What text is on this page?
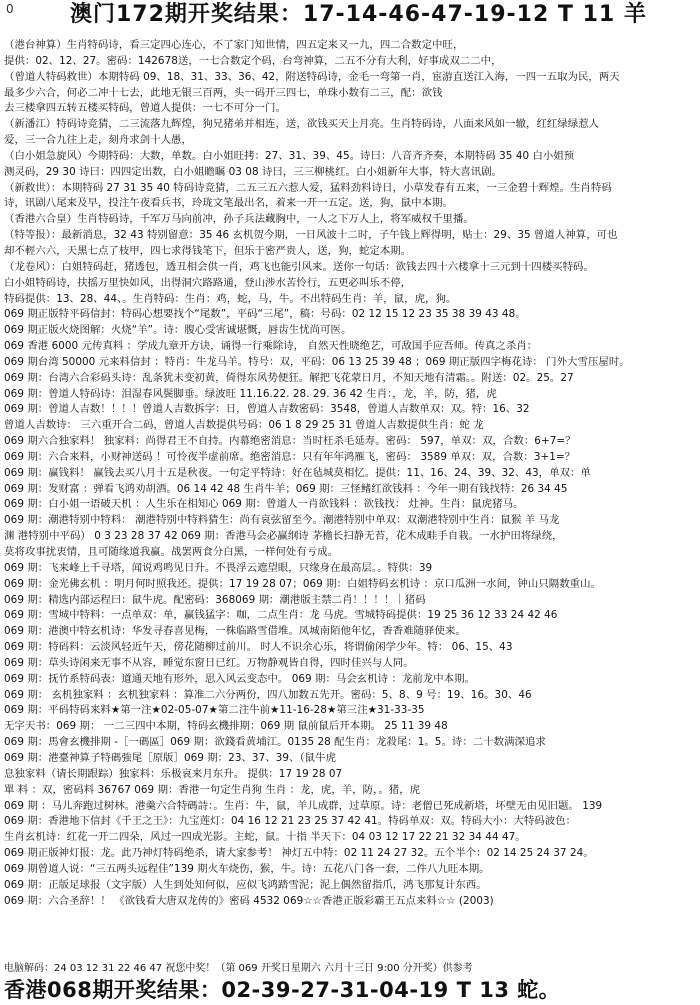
0	澳门172期开奖结果：17-14-46-47-19-12 T 11 羊
（港台神算）生肖特码诗，看三定四心连心，不了家门知世情，四五定来又一九，四二合数定中旺，
提供：02、12、27。密码：142678送，一七合数定个码，台弯神算，二五不分有大利，好事成双二二中，
（曾道人特码救世）本期特码 09、18、31、33、36、42，附送特码诗，金毛一弯第一肖，宦游直送江入海，一四一五取为民，两天
最多少六合，何必二冲十七去，此地无银三百两，头一码开三四七，单珠小数有二三，配：欲钱
去三楼拿四五转五楼买特码，曾道人提供：一七不可分一门。
（新潘江）特码诗竞猜，二三流落九辉煌，狗兄猪弟并相连，送，欲钱买天上月亮。生肖特码诗，八面来风如一辙，红红绿绿惹人
爱，三一合九往上走，刻舟求剑十人愚，
（白小姐急旋风）今期特码：大数，单数。白小姐旺拷：27、31、39、45。诗曰：八音齐齐奏，本期特码 35 40 白小姐预
测灵码，29 30 诗曰：四四定出数，白小姐瞻瞩 03 08 诗曰，三三柳桃红。白小姐新年大事，特大喜讯剧。
（新救世）：本期特码 27 31 35 40 特码诗竞猜，二五三五六惹人爱，猛料劲料诗日，小草发春有五来，一三金碧十辉煌。生肖特码
诗，讯剧八尾来及早，投注午夜看兵书，玲珑文笔最出名，着来一开一五定。送，狗，鼠中本期。
（香港六合皇）生肖特码诗，千军万马向前冲，孙子兵法藏胸中，一人之下万人上，将军威权千里播。
（特等报）：最新消息，32 43 特别留意：35 46 玄机贺今期，一日风波十二时，子午钱上辉得明，贴士：29、35 曾道人神算，可也
却不輕六六，天黑七点了枝甲，四七求得钱笔下，但乐于密严贵人，送，狗，蛇定本期。
（龙卷风）：白姐特码赶，猪透包，透丑相会供一肖，鸡飞也能引风来。送你一句话：欲钱去四十六楼拿十三元到十四楼买特码。
白小姐特码诗，扶摇万里快如风，出得洞穴路路通，登山涉水苦怜行，五更必叫乐不停，
特码提供：13、28、44、。生肖特码：生肖：鸡，蛇，马，牛。不出特码生肖：羊，鼠，虎，狗。
069 期正版特平码信封：特码心想要找个“尾数”，平码“三尾”，稿：号码：02 12 15 12 23 35 38 39 43 48。
069 期正版火烧图解：火烧“羊”。诗：腹心受害诚堪慨，唇齿生忧尚可医。
069 香港 6000 元传真料 ：学成九章开方诀，诵得一行乘除诗， 自然天性晓绝艺，可敌国手应吾师。传真之杀肖：
069 期台湾 50000 元来料信封 ：特肖：牛龙马羊。特号：双，平码：06 13 25 39 48 ；069 期正版四字梅花诗： 门外大雪压屋时。
069 期：台湾六合彩码头诗：乱条犹未变初黄，倚得东风势便狂。解把飞花蒙日月，不知天地有清霜。。附送：02。25。27
069 期：曾道人特码诗：泪湿春风鬓脚垂。绿波旺 11.16.22. 28. 29. 36 42 生肖：，龙，羊，防，猪，虎
069 期：曾道人吉数！！！！曾道人吉数拆字：日，曾道人吉数密码：3548，曾道人吉数单双：双。特：16、32
曾道人吉数诗： 三六重开合二码，曾道人吉数提供号码：06 1 8 29 25 31 曾道人吉数提供生肖：蛇 龙
069 期六合独家料！ 独家料：尚得君王不自持。内幕绝密消息：当时枉杀毛延寿。密码： 597，单双：双，合数：6+7=？
069 期：六合来料，小财神送码 ！可怜夜半虚前席。绝密消息：只有年年鸿雁飞，密码： 3589 单双：双，合数：3+1=？
069 期：赢钱料！ 赢钱去买八月十五是秋夜。一句定平特诗：好在毡城莫相忆。提供：11、16、24、39、32、43，单双：单
069 期：发财富 ：弹看飞鸿劝胡酒。06 14 42 48 生肖牛羊；069 期：三怪鳍红欲钱料 ：今年一期有钱找特：26 34 45
069 期：白小姐一语破天机 ：人生乐在相知心 069 期：曾道人一肖欲钱料 ：欲钱找： 灶神。生肖：鼠虎猪马。
069 期：潮港特别中特料： 潮港特别中特料猜生：尚有哀弦留至今。潮港特别中单双：双潮港特别中生肖：鼠猴 羊 马龙
渊 港特别中平码） 0 3 23 28 37 42 069 期：香港马会必赢纲诗 茅檐长扫静无苔，花木成畦手自栽。一水护田将绿绕，
莫将攻事扰衷情，且可随缘道我赢。战罢两食分白黑，一样何处有亏成。
069 期：飞来峰上千寻塔，闻说鸡鸣见日升。不畏浮云遮望眼，只缘身在最高层。。特供：39
069 期：金光佛玄机 ：明月何时照我还。提供：17 19 28 07；069 期：白姐特码玄机诗 ：京口瓜洲一水间，钟山只隔数重山。
069 期：精选内部运程曰：鼠牛虎。配密码：368069 期：潮港版主禁二肖！！！！｜猪码
069 期：雪城中特料：一点单双：单，赢钱猛字：咖，二点生肖：龙 马虎。雪城特码提供：19 25 36 12 33 24 42 46
069 期：港澳中特玄机诗：华发寻春喜见梅，一株临路雪借堆。凤城南陌他年忆，香香难随驿使来。
069 期：特码料：云淡风轻近午天，傍花随柳过前川。 时人不识余心乐，将谓偷闲学少年。特： 06、15、43
069 期：草头诗闲来无事不从容，睡觉东窗日已红。万物静观皆自得，四时佳兴与人同。
069 期：抚竹系特码表：道通天地有形外，思入风云变态中。 069 期：马会玄机诗 ：龙前龙中本期。
069 期： 玄机独家料 ：玄机独家料 ：算准二六分两份，四八加数五先开。密码：5、8、9 号：19、16。30、46
069 期：平码特码来料★第一注★02-05-07★第二注牛前★11-16-28★第三注★31-33-35
无字天书：069 期： 一二三四中本期，特码玄機排期：069 期 鼠前鼠后开本期。 25 11 39 48
069 期：馬會玄機排期 -［一碼區］069 期：欲錢看黄埔江。0135 28 配生肖：龙殺尾：1。5。诗：二十数满深追求
069 期：港臺神算子特碼強尾［原版］069 期：23、37、39、（鼠牛虎
息独家料（请长期跟踪）独家料：乐极哀来月东升。 提供：17 19 28 07
單 料 ：双，密码料 36767 069 期：香港一句定生肖狗 生肖 ：龙，虎，羊，防，。猪，虎
069 期 ：马儿奔跑过树林。港羹六合特碼詩：。生肖：牛，鼠，羊儿成群，过草原。诗：老僧已死成新塔，坏壁无由见旧题。 139
069 期：香港地下信封《千王之王》：九宝莲灯：04 16 12 21 23 25 37 42 41。特码单双：双。特码大小：大特码波色：
生肖玄机诗：红花一开二四朵，风过一四成光影。主蛇，鼠。十指 半天下：04 03 12 17 22 21 32 34 44 47。
069 期正版神灯报：龙。此乃神灯特码绝杀，请大家参考！ 神灯五中特：02 11 24 27 32。五个半个：02 14 25 24 37 24。
069 期曾道人说：“三五两头远程佳”139 期火车烧伤，猴，牛。诗：五花八门各一套，二件八九旺本期。
069 期：正版足球报（文字版）人生到处知何似，应似飞鸿踏雪泥；泥上偶然留指爪，鸿飞那复计东西。
069 期：六合圣辞！！ 《欲钱看大唐双龙传的》密码 4532 069☆☆香港正版彩霸王五点来料☆☆ (2003)
电脑解码：24 03 12 31 22 46 47 祝您中奖！（第 069 开奖日星期六 六月十三日 9:00 分开奖）供参考
香港068期开奖结果：02-39-27-31-04-19 T 13 蛇。
